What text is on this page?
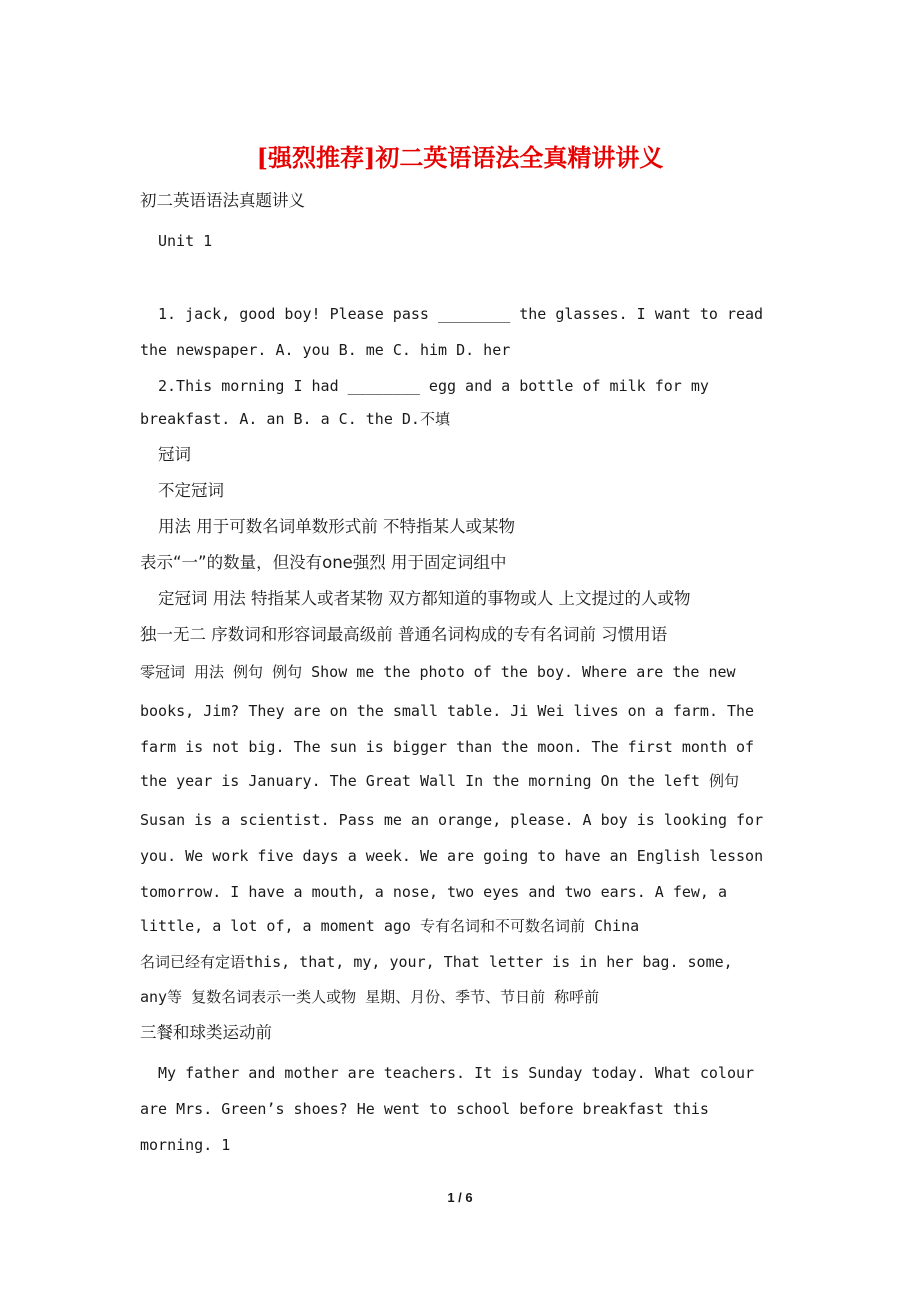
[强烈推荐]初二英语语法全真精讲讲义
初二英语语法真题讲义
Unit 1
1. jack, good boy! Please pass ________ the glasses. I want to read
the newspaper. A. you B. me C. him D. her
2.This morning I had ________ egg and a bottle of milk for my
breakfast. A. an B. a C. the D.不填
冠词
不定冠词
用法 用于可数名词单数形式前 不特指某人或某物
表示“一”的数量，但没有one强烈 用于固定词组中
定冠词 用法 特指某人或者某物 双方都知道的事物或人 上文提过的人或物
独一无二 序数词和形容词最高级前 普通名词构成的专有名词前 习惯用语
零冠词 用法 例句 例句 Show me the photo of the boy. Where are the new
books, Jim? They are on the small table. Ji Wei lives on a farm. The
farm is not big. The sun is bigger than the moon. The first month of
the year is January. The Great Wall In the morning On the left 例句
Susan is a scientist. Pass me an orange, please. A boy is looking for
you. We work five days a week. We are going to have an English lesson
tomorrow. I have a mouth, a nose, two eyes and two ears. A few, a
little, a lot of, a moment ago 专有名词和不可数名词前 China
名词已经有定语this, that, my, your, That letter is in her bag. some,
any等 复数名词表示一类人或物 星期、月份、季节、节日前 称呼前
三餐和球类运动前
My father and mother are teachers. It is Sunday today. What colour
are Mrs. Green’s shoes? He went to school before breakfast this
morning. 1
1 / 6
